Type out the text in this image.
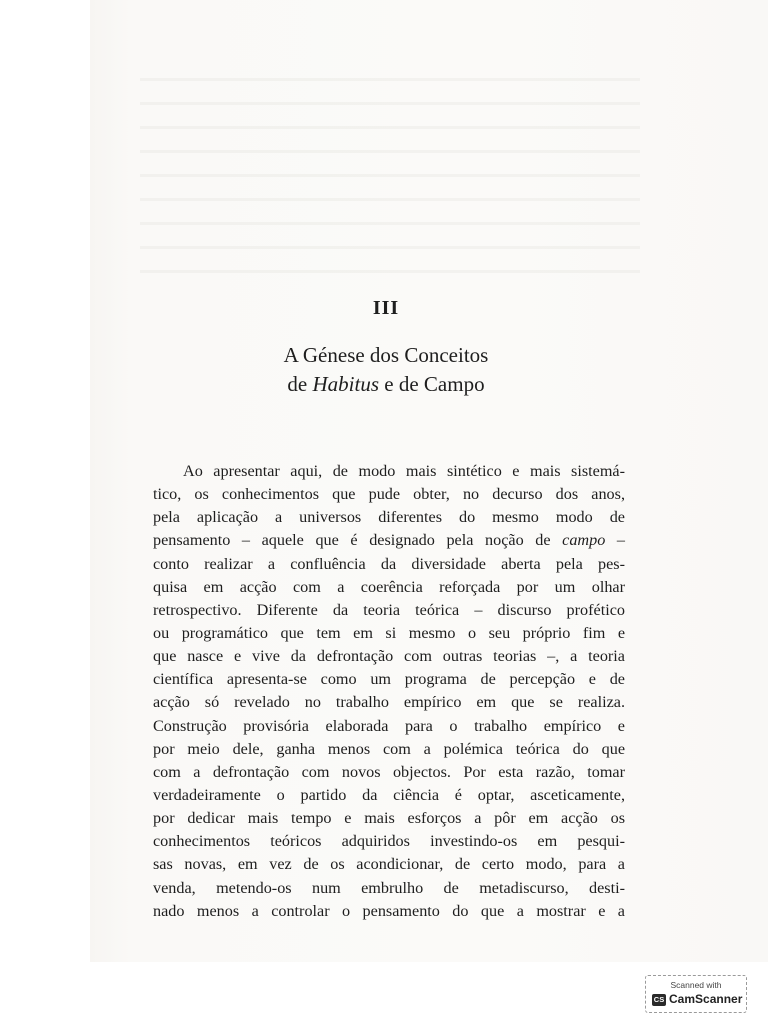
III
A Génese dos Conceitos
de Habitus e de Campo
Ao apresentar aqui, de modo mais sintético e mais sistemá-
tico, os conhecimentos que pude obter, no decurso dos anos,
pela aplicação a universos diferentes do mesmo modo de
pensamento – aquele que é designado pela noção de campo –
conto realizar a confluência da diversidade aberta pela pes-
quisa em acção com a coerência reforçada por um olhar
retrospectivo. Diferente da teoria teórica – discurso profético
ou programático que tem em si mesmo o seu próprio fim e
que nasce e vive da defrontação com outras teorias –, a teoria
científica apresenta-se como um programa de percepção e de
acção só revelado no trabalho empírico em que se realiza.
Construção provisória elaborada para o trabalho empírico e
por meio dele, ganha menos com a polémica teórica do que
com a defrontação com novos objectos. Por esta razão, tomar
verdadeiramente o partido da ciência é optar, asceticamente,
por dedicar mais tempo e mais esforços a pôr em acção os
conhecimentos teóricos adquiridos investindo-os em pesqui-
sas novas, em vez de os acondicionar, de certo modo, para a
venda, metendo-os num embrulho de metadiscurso, desti-
nado menos a controlar o pensamento do que a mostrar e a
Scanned with
CS CamScanner
